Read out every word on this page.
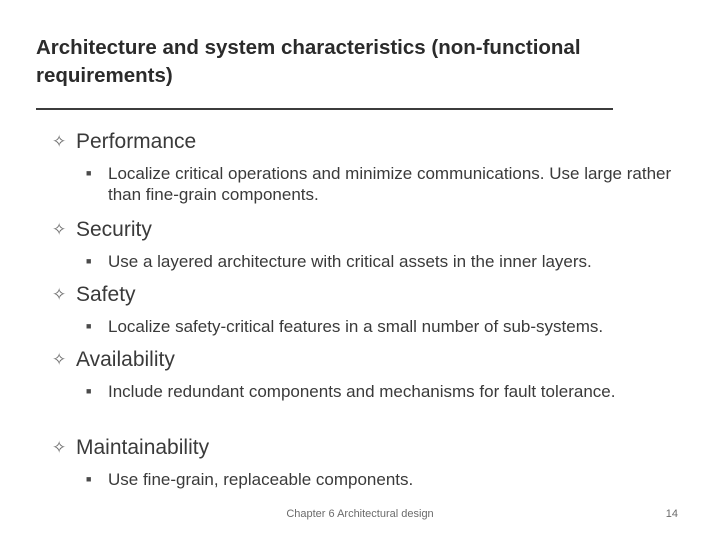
Architecture and system characteristics (non-functional requirements)
✧ Performance
■ Localize critical operations and minimize communications. Use large rather than fine-grain components.
✧ Security
■ Use a layered architecture with critical assets in the inner layers.
✧ Safety
■ Localize safety-critical features in a small number of sub-systems.
✧ Availability
■ Include redundant components and mechanisms for fault tolerance.
✧ Maintainability
■ Use fine-grain, replaceable components.
Chapter 6 Architectural design	14
